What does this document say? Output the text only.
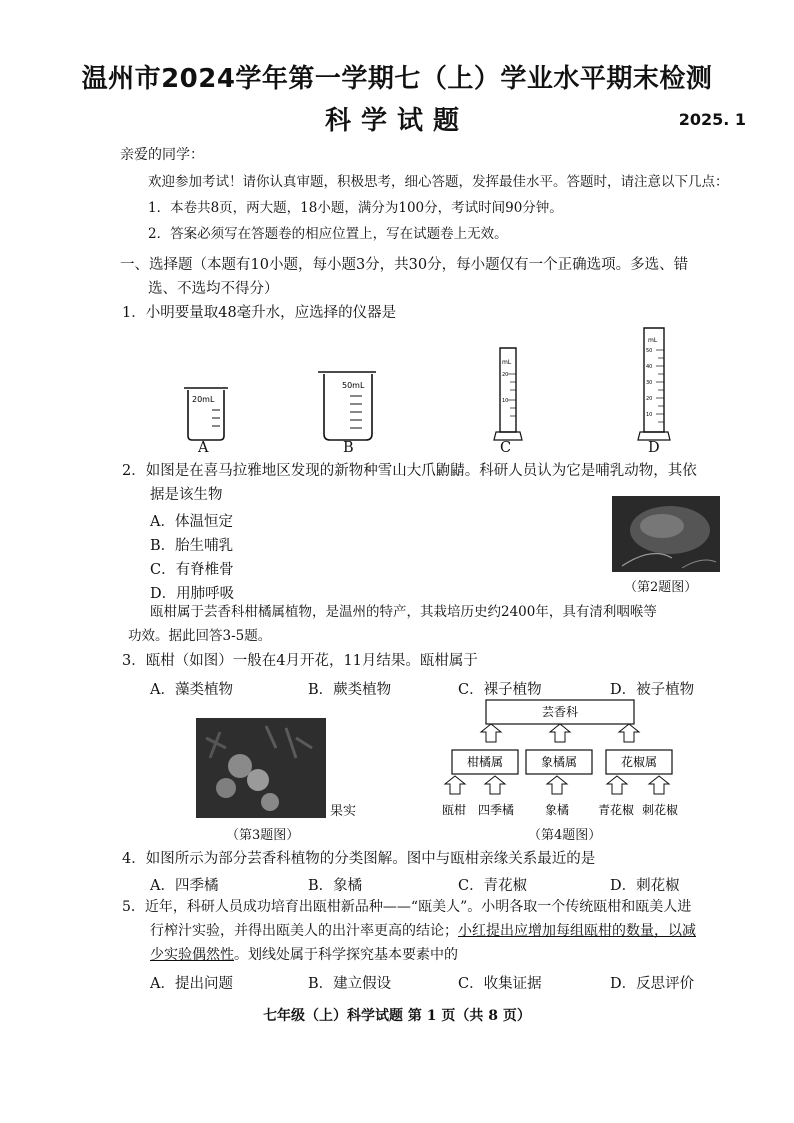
温州市2024学年第一学期七（上）学业水平期末检测
科学试题	2025. 1
亲爱的同学：
欢迎参加考试！请你认真审题，积极思考，细心答题，发挥最佳水平。答题时，请注意以下几点：
1．本卷共8页，两大题，18小题，满分为100分，考试时间90分钟。
2．答案必须写在答题卷的相应位置上，写在试题卷上无效。
一、选择题（本题有10小题，每小题3分，共30分，每小题仅有一个正确选项。多选、错
选、不选均不得分）
1．小明要量取48毫升水，应选择的仪器是
20mL
50mL
mL
20
10
mL
50
40
30
20
10
A	B	C	D
2．如图是在喜马拉雅地区发现的新物种雪山大爪鼩鼱。科研人员认为它是哺乳动物，其依
据是该生物
A．体温恒定
B．胎生哺乳
C．有脊椎骨
D．用肺呼吸	（第2题图）
瓯柑属于芸香科柑橘属植物，是温州的特产，其栽培历史约2400年，具有清利咽喉等
功效。据此回答3-5题。
3．瓯柑（如图）一般在4月开花，11月结果。瓯柑属于
A．藻类植物	B．蕨类植物	C．裸子植物	D．被子植物
果实
（第3题图）
芸香科
柑橘属	象橘属	花椒属
瓯柑 四季橘	象橘 青花椒 刺花椒
（第4题图）
4．如图所示为部分芸香科植物的分类图解。图中与瓯柑亲缘关系最近的是
A．四季橘	B．象橘	C．青花椒	D．刺花椒
5．近年，科研人员成功培育出瓯柑新品种——“瓯美人”。小明各取一个传统瓯柑和瓯美人进
行榨汁实验，并得出瓯美人的出汁率更高的结论；小红提出应增加每组瓯柑的数量，以减
少实验偶然性。划线处属于科学探究基本要素中的
A．提出问题	B．建立假设	C．收集证据	D．反思评价
七年级（上）科学试题 第 1 页（共 8 页）
